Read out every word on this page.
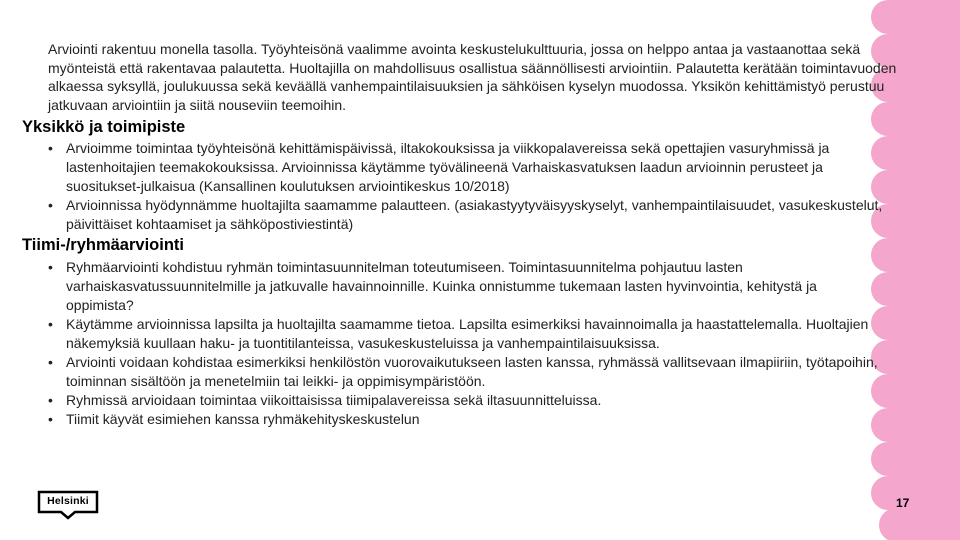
Arviointi rakentuu monella tasolla. Työyhteisönä vaalimme avointa keskustelukulttuuria, jossa on helppo antaa ja vastaanottaa sekä myönteistä että rakentavaa palautetta. Huoltajilla on mahdollisuus osallistua säännöllisesti arviointiin. Palautetta kerätään toimintavuoden alkaessa syksyllä, joulukuussa sekä keväällä vanhempaintilaisuuksien ja sähköisen kyselyn muodossa. Yksikön kehittämistyö perustuu jatkuvaan arviointiin ja siitä nouseviin teemoihin.

Yksikkö ja toimipiste
• Arvioimme toimintaa työyhteisönä kehittämispäivissä, iltakokouksissa ja viikkopalavereissa sekä opettajien vasuryhmissä ja lastenhoitajien teemakokouksissa. Arvioinnissa käytämme työvälineenä Varhaiskasvatuksen laadun arvioinnin perusteet ja suositukset-julkaisua (Kansallinen koulutuksen arviointikeskus 10/2018)
• Arvioinnissa hyödynnämme huoltajilta saamamme palautteen. (asiakastyytyväisyyskyselyt, vanhempaintilaisuudet, vasukeskustelut, päivittäiset kohtaamiset ja sähköpostiviestintä)
Tiimi-/ryhmäarviointi
• Ryhmäarviointi kohdistuu ryhmän toimintasuunnitelman toteutumiseen. Toimintasuunnitelma pohjautuu lasten varhaiskasvatussuunnitelmille ja jatkuvalle havainnoinnille. Kuinka onnistumme tukemaan lasten hyvinvointia, kehitystä ja oppimista?
• Käytämme arvioinnissa lapsilta ja huoltajilta saamamme tietoa. Lapsilta esimerkiksi havainnoimalla ja haastattelemalla. Huoltajien näkemyksiä kuullaan haku- ja tuontitilanteissa, vasukeskusteluissa ja vanhempaintilaisuuksissa.
• Arviointi voidaan kohdistaa esimerkiksi henkilöstön vuorovaikutukseen lasten kanssa, ryhmässä vallitsevaan ilmapiiriin, työtapoihin, toiminnan sisältöön ja menetelmiin tai leikki- ja oppimisympäristöön.
• Ryhmissä arvioidaan toimintaa viikoittaisissa tiimipalavereissa sekä iltasuunnitteluissa.
• Tiimit käyvät esimiehen kanssa ryhmäkehityskeskustelun
Helsinki	17
